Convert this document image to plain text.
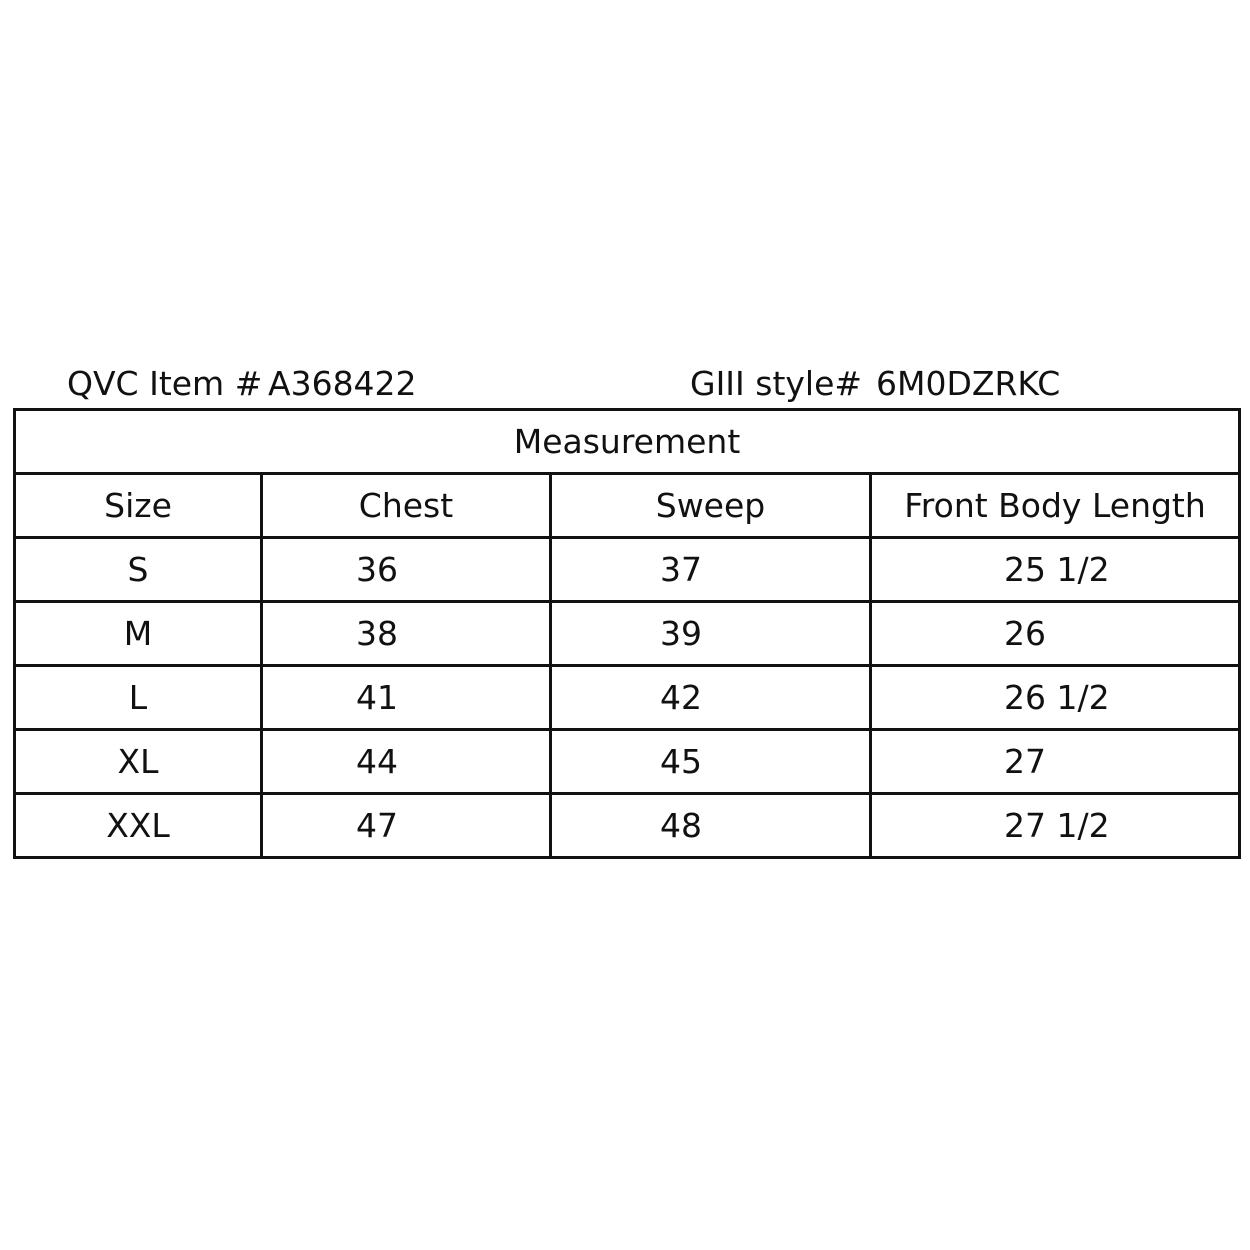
QVC Item # A368422	GIII style# 6M0DZRKC
Measurement			
Size	Chest	Sweep	Front Body Length
S	36	37	25 1/2
M	38	39	26
L	41	42	26 1/2
XL	44	45	27
XXL	47	48	27 1/2
